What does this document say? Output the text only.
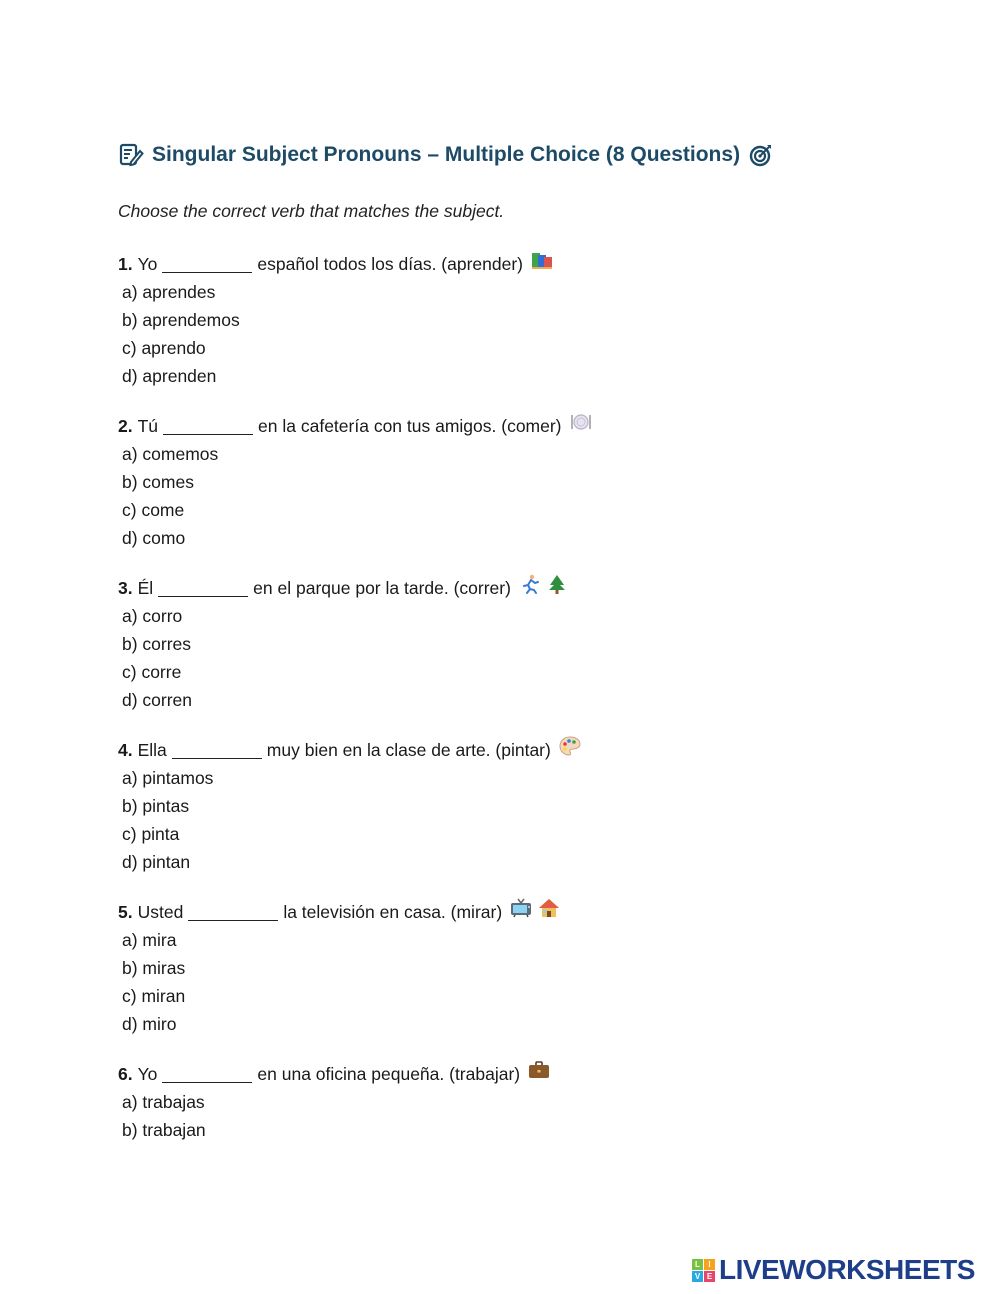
Singular Subject Pronouns – Multiple Choice (8 Questions)
Choose the correct verb that matches the subject.
1. Yo	español todos los días. (aprender)
a) aprendes
b) aprendemos
c) aprendo
d) aprenden
2. Tú	en la cafetería con tus amigos. (comer)
a) comemos
b) comes
c) come
d) como
3. Él	en el parque por la tarde. (correr)
a) corro
b) corres
c) corre
d) corren
4. Ella	muy bien en la clase de arte. (pintar)
a) pintamos
b) pintas
c) pinta
d) pintan
5. Usted	la televisión en casa. (mirar)
a) mira
b) miras
c) miran
d) miro
6. Yo	en una oficina pequeña. (trabajar)
a) trabajas
b) trabajan
L	I
V E LIVEWORKSHEETS
